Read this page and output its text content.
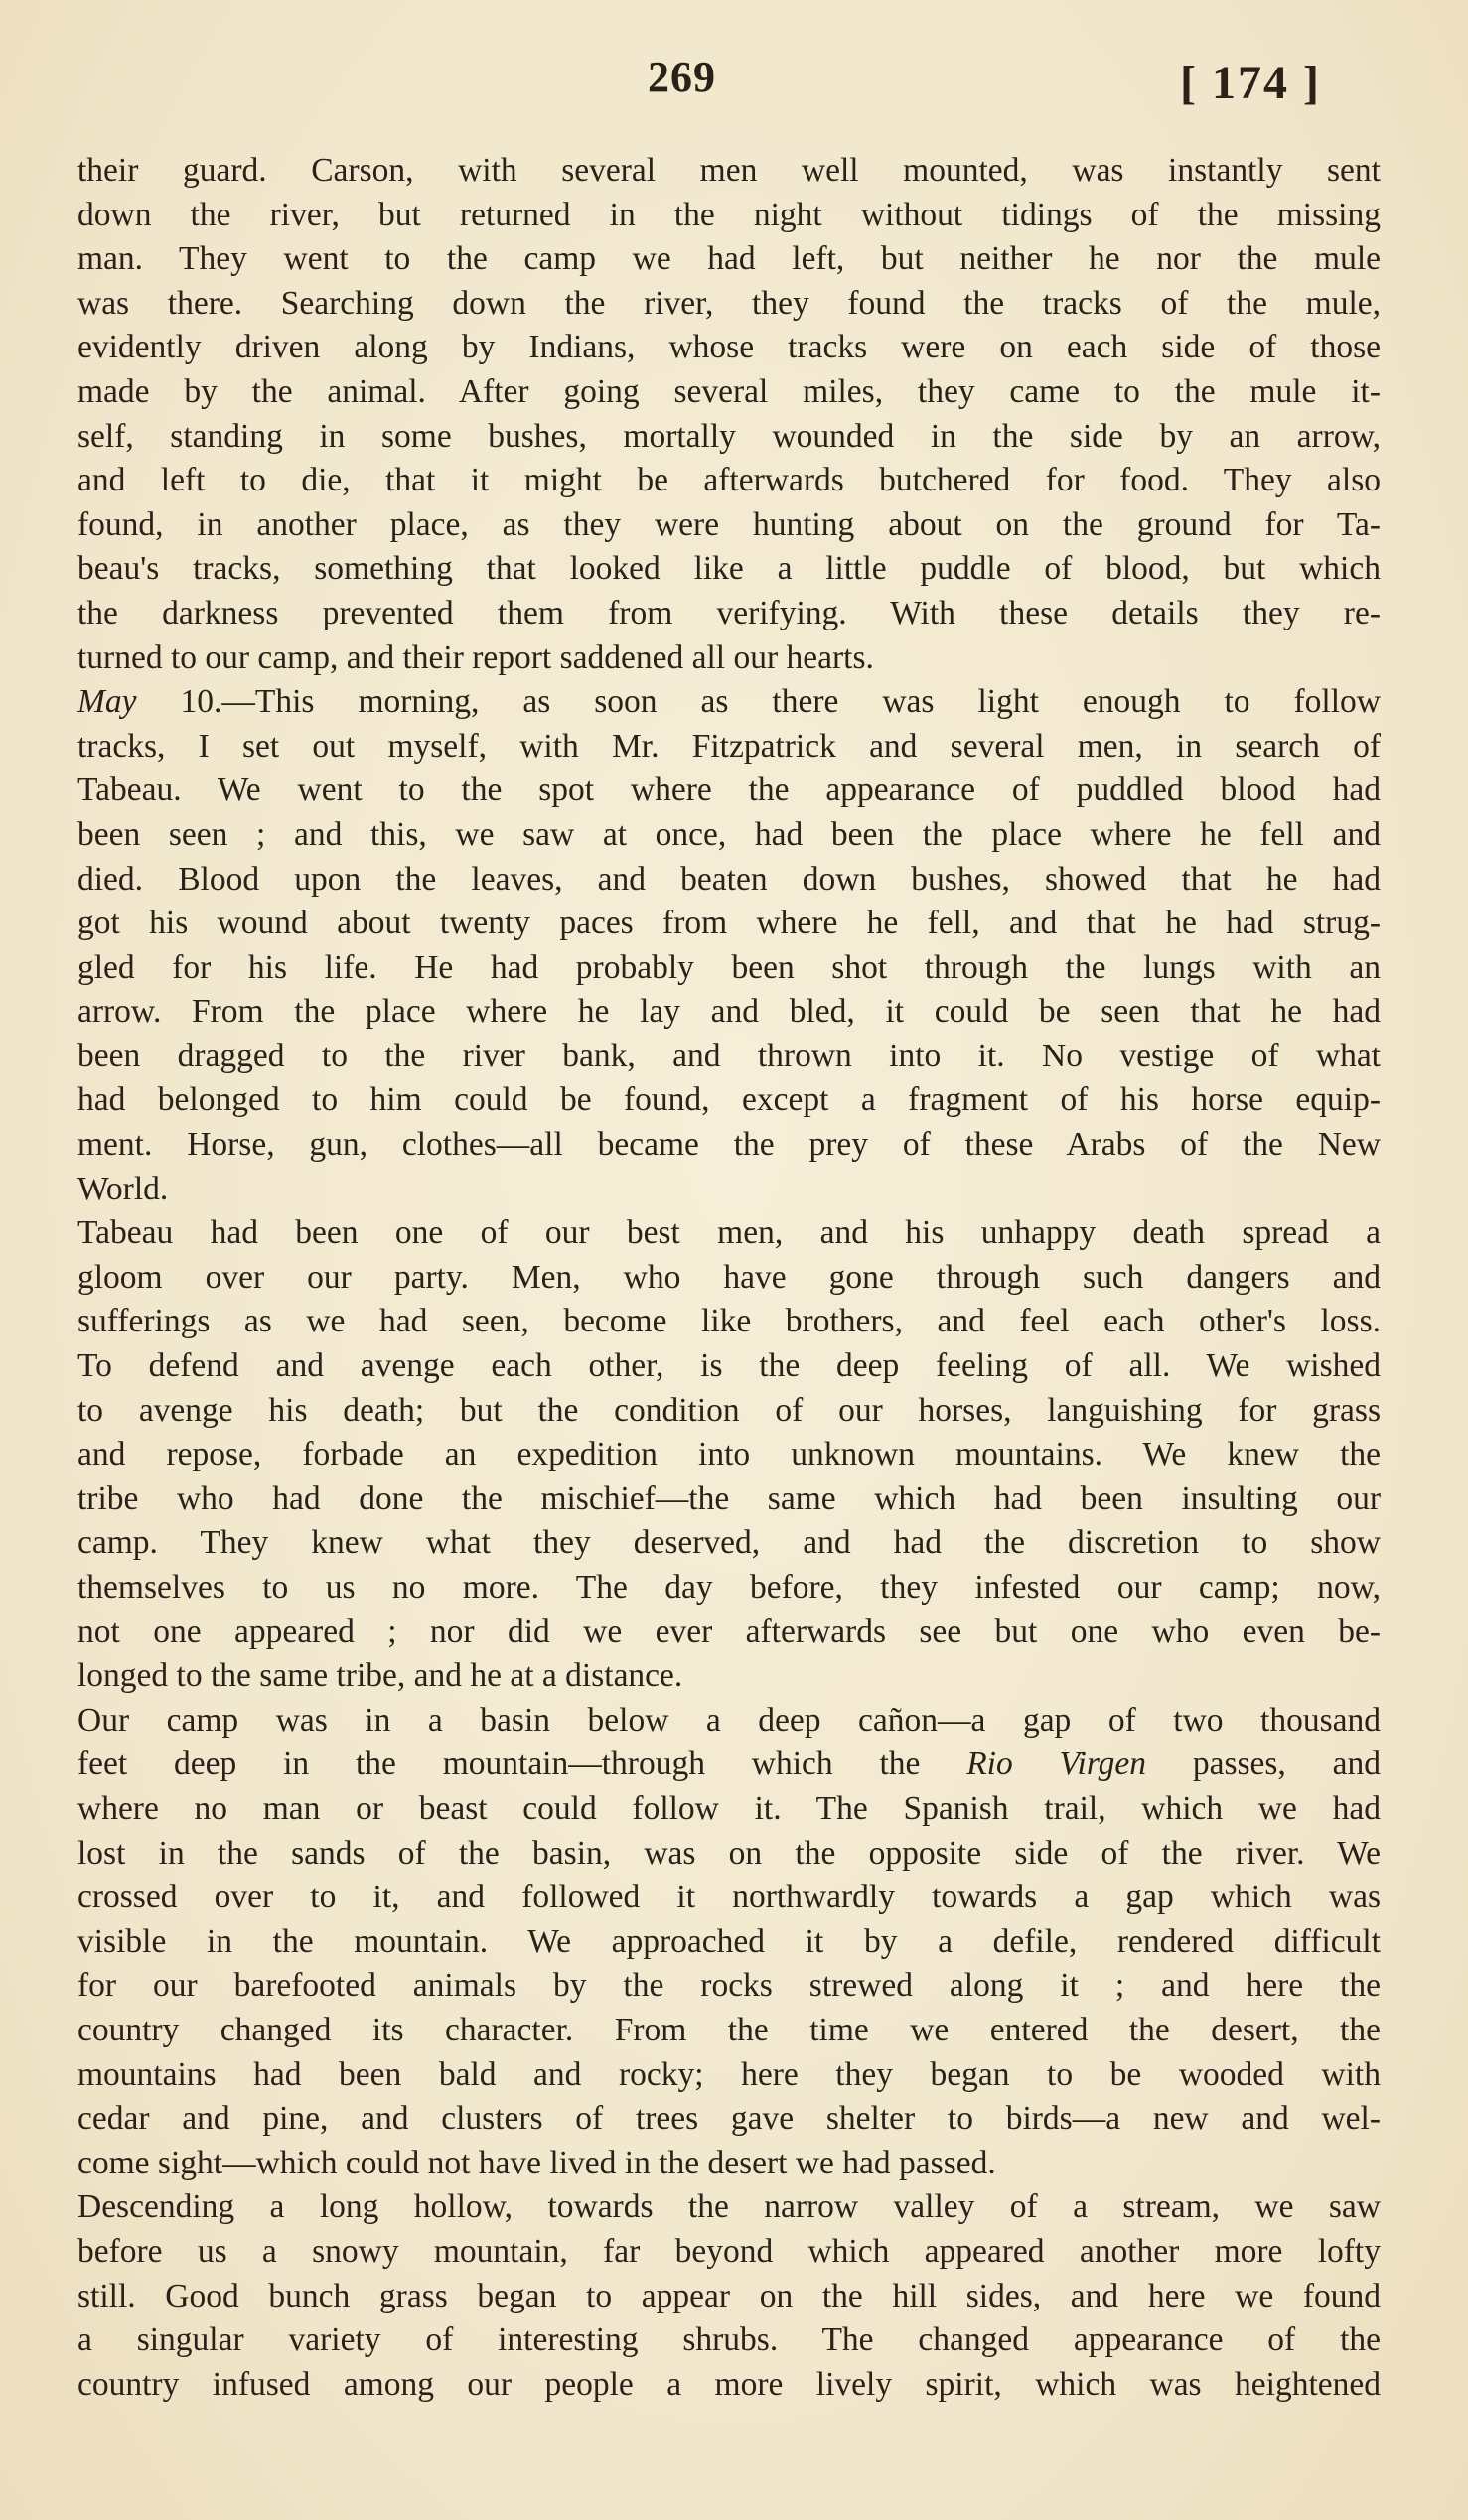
269	[ 174 ]
their guard. Carson, with several men well mounted, was instantly sent
down the river, but returned in the night without tidings of the missing
man. They went to the camp we had left, but neither he nor the mule
was there. Searching down the river, they found the tracks of the mule,
evidently driven along by Indians, whose tracks were on each side of those
made by the animal. After going several miles, they came to the mule it-
self, standing in some bushes, mortally wounded in the side by an arrow,
and left to die, that it might be afterwards butchered for food. They also
found, in another place, as they were hunting about on the ground for Ta-
beau's tracks, something that looked like a little puddle of blood, but which
the darkness prevented them from verifying. With these details they re-
turned to our camp, and their report saddened all our hearts.
May 10.—This morning, as soon as there was light enough to follow
tracks, I set out myself, with Mr. Fitzpatrick and several men, in search of
Tabeau. We went to the spot where the appearance of puddled blood had
been seen ; and this, we saw at once, had been the place where he fell and
died. Blood upon the leaves, and beaten down bushes, showed that he had
got his wound about twenty paces from where he fell, and that he had strug-
gled for his life. He had probably been shot through the lungs with an
arrow. From the place where he lay and bled, it could be seen that he had
been dragged to the river bank, and thrown into it. No vestige of what
had belonged to him could be found, except a fragment of his horse equip-
ment. Horse, gun, clothes—all became the prey of these Arabs of the New
World.
Tabeau had been one of our best men, and his unhappy death spread a
gloom over our party. Men, who have gone through such dangers and
sufferings as we had seen, become like brothers, and feel each other's loss.
To defend and avenge each other, is the deep feeling of all. We wished
to avenge his death; but the condition of our horses, languishing for grass
and repose, forbade an expedition into unknown mountains. We knew the
tribe who had done the mischief—the same which had been insulting our
camp. They knew what they deserved, and had the discretion to show
themselves to us no more. The day before, they infested our camp; now,
not one appeared ; nor did we ever afterwards see but one who even be-
longed to the same tribe, and he at a distance.
Our camp was in a basin below a deep cañon—a gap of two thousand
feet deep in the mountain—through which the Rio Virgen passes, and
where no man or beast could follow it. The Spanish trail, which we had
lost in the sands of the basin, was on the opposite side of the river. We
crossed over to it, and followed it northwardly towards a gap which was
visible in the mountain. We approached it by a defile, rendered difficult
for our barefooted animals by the rocks strewed along it ; and here the
country changed its character. From the time we entered the desert, the
mountains had been bald and rocky; here they began to be wooded with
cedar and pine, and clusters of trees gave shelter to birds—a new and wel-
come sight—which could not have lived in the desert we had passed.
Descending a long hollow, towards the narrow valley of a stream, we saw
before us a snowy mountain, far beyond which appeared another more lofty
still. Good bunch grass began to appear on the hill sides, and here we found
a singular variety of interesting shrubs. The changed appearance of the
country infused among our people a more lively spirit, which was heightened
